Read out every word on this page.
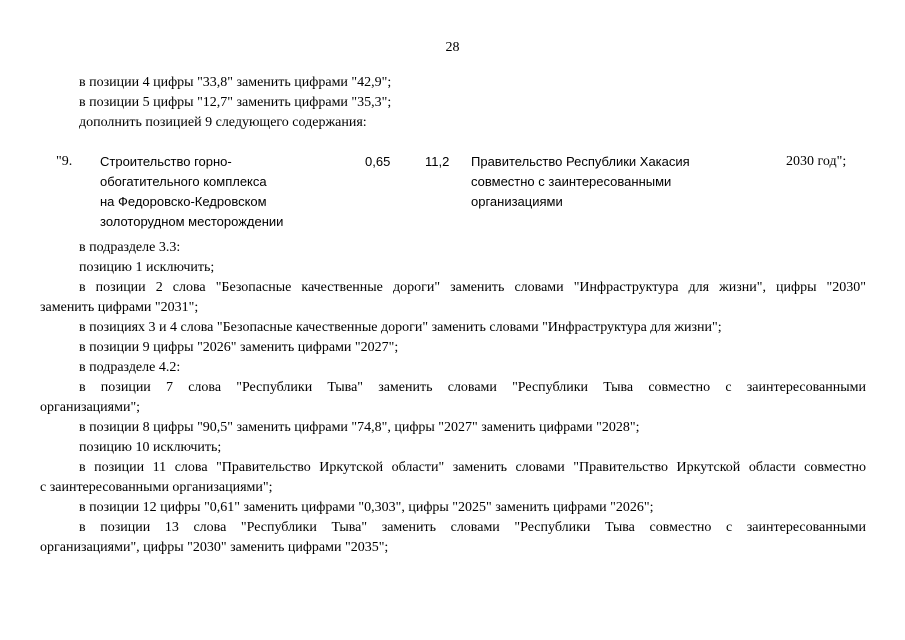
28
в позиции 4 цифры "33,8" заменить цифрами "42,9";
в позиции 5 цифры "12,7" заменить цифрами "35,3";
дополнить позицией 9 следующего содержания:
"9. Строительство горно-
обогатительного комплекса
на Федоровско-Кедровском
золоторудном месторождении
0,65	11,2 Правительство Республики Хакасия
совместно с заинтересованными
организациями
2030 год";
в подразделе 3.3:
позицию 1 исключить;
в позиции 2 слова "Безопасные качественные дороги" заменить словами "Инфраструктура для жизни", цифры "2030"
заменить цифрами "2031";
в позициях 3 и 4 слова "Безопасные качественные дороги" заменить словами "Инфраструктура для жизни";
в позиции 9 цифры "2026" заменить цифрами "2027";
в подразделе 4.2:
в позиции 7 слова "Республики Тыва" заменить словами "Республики Тыва совместно с заинтересованными
организациями";
в позиции 8 цифры "90,5" заменить цифрами "74,8", цифры "2027" заменить цифрами "2028";
позицию 10 исключить;
в позиции 11 слова "Правительство Иркутской области" заменить словами "Правительство Иркутской области совместно
с заинтересованными организациями";
в позиции 12 цифры "0,61" заменить цифрами "0,303", цифры "2025" заменить цифрами "2026";
в позиции 13 слова "Республики Тыва" заменить словами "Республики Тыва совместно с заинтересованными
организациями", цифры "2030" заменить цифрами "2035";
